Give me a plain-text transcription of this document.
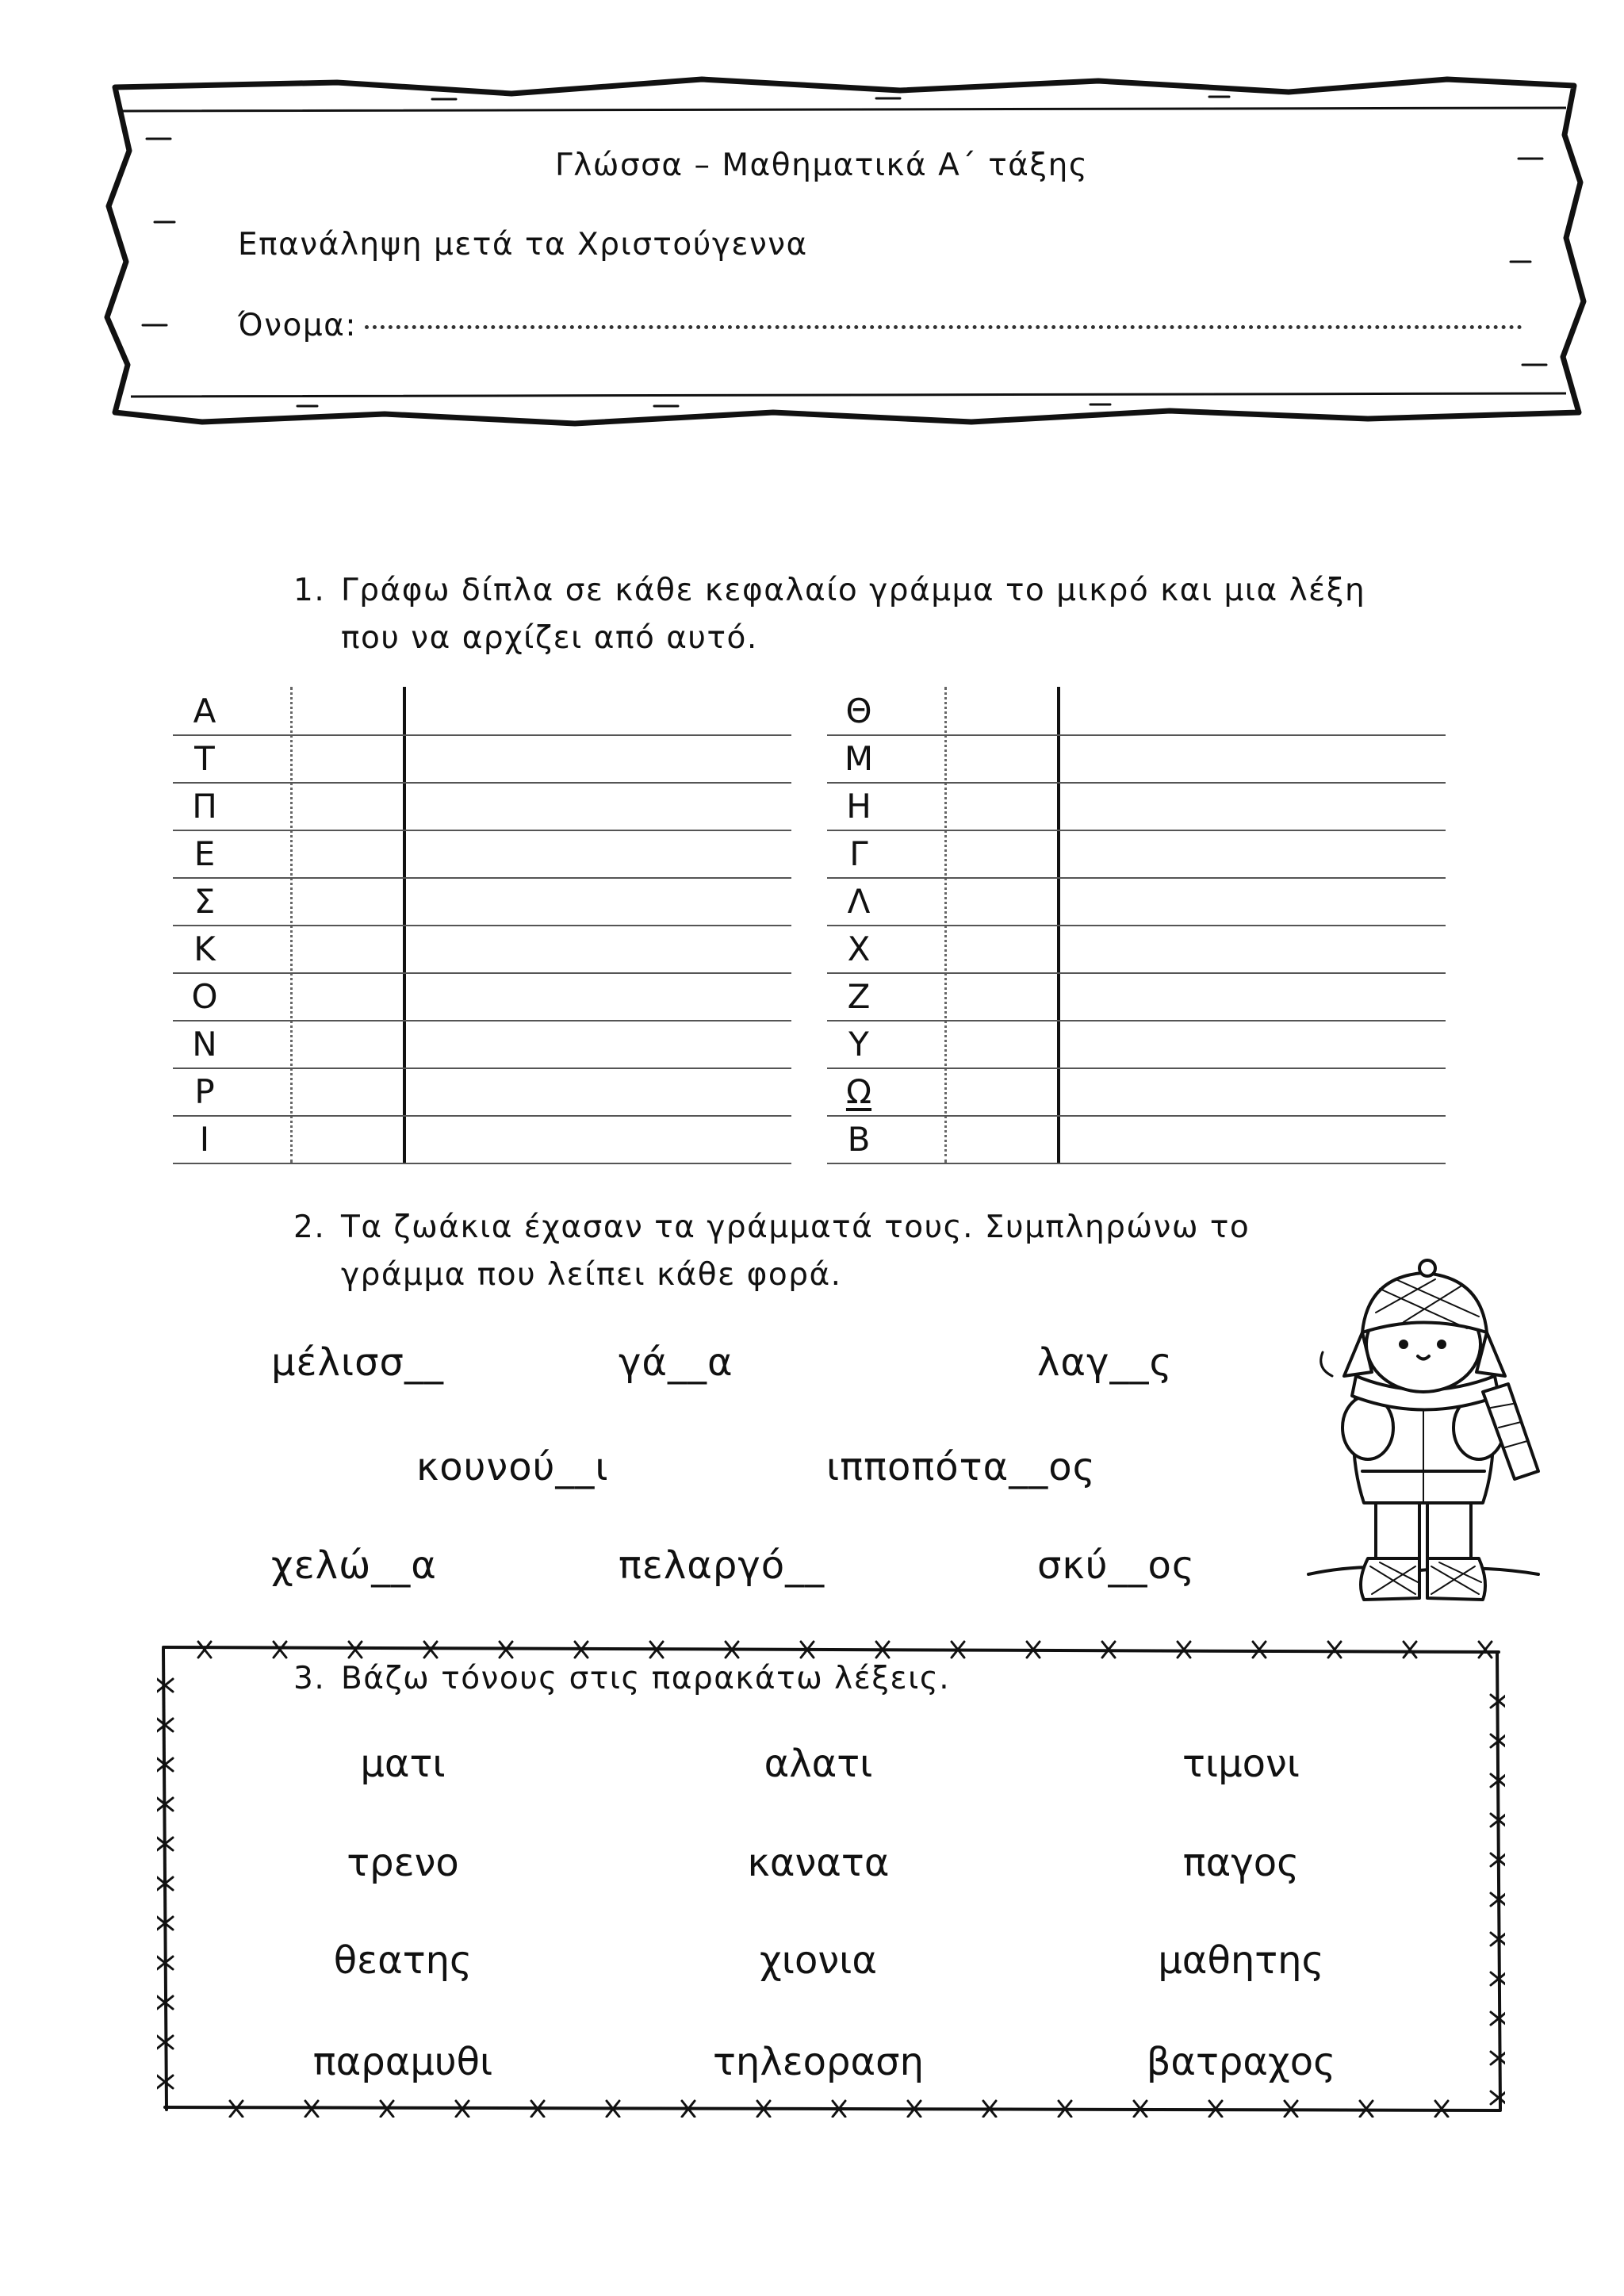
Γλώσσα – Μαθηματικά Α΄ τάξης
Επανάληψη μετά τα Χριστούγεννα
Όνομα:
1. Γράφω δίπλα σε κάθε κεφαλαίο γράμμα το μικρό και μια λέξη
που να αρχίζει από αυτό.
Α
Τ
Π
Ε
Σ
Κ
Ο
Ν
Ρ
Ι
Θ
Μ
Η
Γ
Λ
Χ
Ζ
Υ
Ω
Β
2. Τα ζωάκια έχασαν τα γράμματά τους. Συμπληρώνω το
γράμμα που λείπει κάθε φορά.
μέλισσ__	γά__α	λαγ__ς
κουνού__ι	ιπποπότα__ος
χελώ__α	πελαργό__	σκύ__ος
3. Βάζω τόνους στις παρακάτω λέξεις.
ματι	αλατι	τιμονι
τρενο	κανατα	παγος
θεατης	χιονια	μαθητης
παραμυθι	τηλεοραση	βατραχος
